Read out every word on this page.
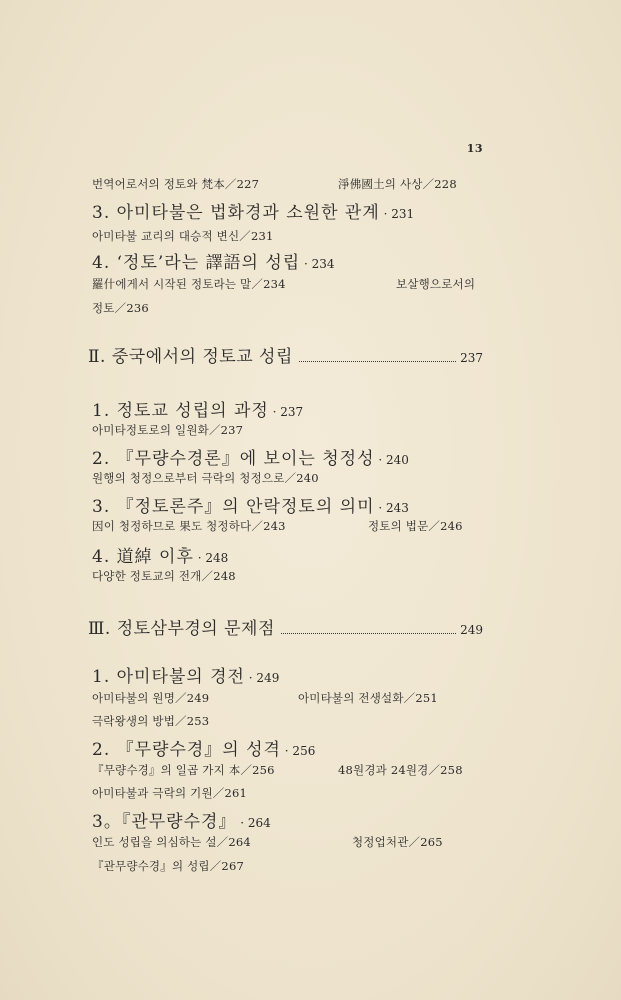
13
번역어로서의 정토와 梵本／227	淨佛國土의 사상／228
3. 아미타불은 법화경과 소원한 관계 · 231
아미타불 교리의 대승적 변신／231
4. ‘정토’라는 譯語의 성립 · 234
羅什에게서 시작된 정토라는 말／234	보살행으로서의
정토／236
Ⅱ. 중국에서의 정토교 성립	237
1. 정토교 성립의 과정 · 237
아미타정토로의 일원화／237
2. 『무량수경론』에 보이는 청정성 · 240
원행의 청정으로부터 극락의 청정으로／240
3. 『정토론주』의 안락정토의 의미 · 243
因이 청정하므로 果도 청정하다／243	정토의 법문／246
4. 道綽 이후 · 248
다양한 정토교의 전개／248
Ⅲ. 정토삼부경의 문제점	249
1. 아미타불의 경전 · 249
아미타불의 원명／249	아미타불의 전생설화／251
극락왕생의 방법／253
2. 『무량수경』의 성격 · 256
『무량수경』의 일곱 가지 本／256	48원경과 24원경／258
아미타불과 극락의 기원／261
3。『관무량수경』 · 264
인도 성립을 의심하는 설／264	청정업처관／265
『관무량수경』의 성립／267
